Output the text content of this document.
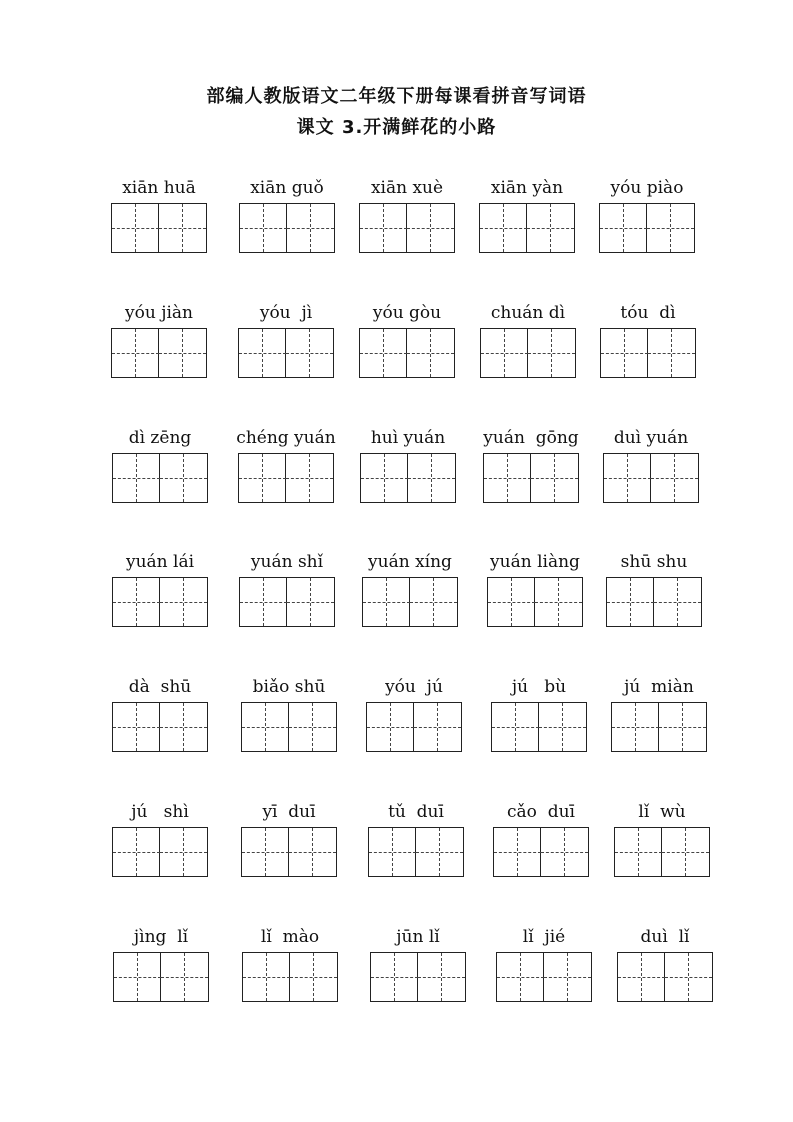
部编人教版语文二年级下册每课看拼音写词语
课文 3.开满鲜花的小路
xiān huā	xiān guǒ	xiān xuè	xiān yàn	yóu piào
yóu jiàn	yóu  jì	yóu gòu	chuán dì	tóu  dì
dì zēng	chéng yuán	huì yuán	yuán  gōng	duì yuán
yuán lái	yuán shǐ	yuán xíng	yuán liàng	shū shu
dà  shū	biǎo shū	yóu  jú	jú   bù	jú  miàn
jú   shì	yī  duī	tǔ  duī	cǎo  duī	lǐ  wù
jìng  lǐ	lǐ  mào	jūn lǐ	lǐ  jié	duì  lǐ
